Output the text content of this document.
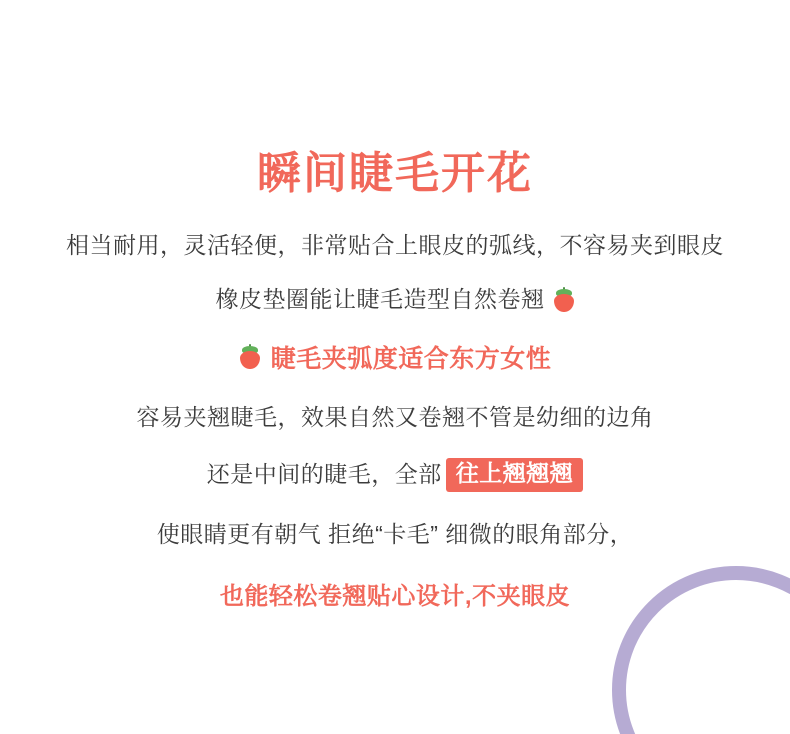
瞬间睫毛开花
相当耐用，灵活轻便，非常贴合上眼皮的弧线，不容易夹到眼皮
橡皮垫圈能让睫毛造型自然卷翘
睫毛夹弧度适合东方女性
容易夹翘睫毛，效果自然又卷翘不管是幼细的边角
还是中间的睫毛，全部 往上翘翘翘
使眼睛更有朝气 拒绝“卡毛” 细微的眼角部分，
也能轻松卷翘贴心设计,不夹眼皮
